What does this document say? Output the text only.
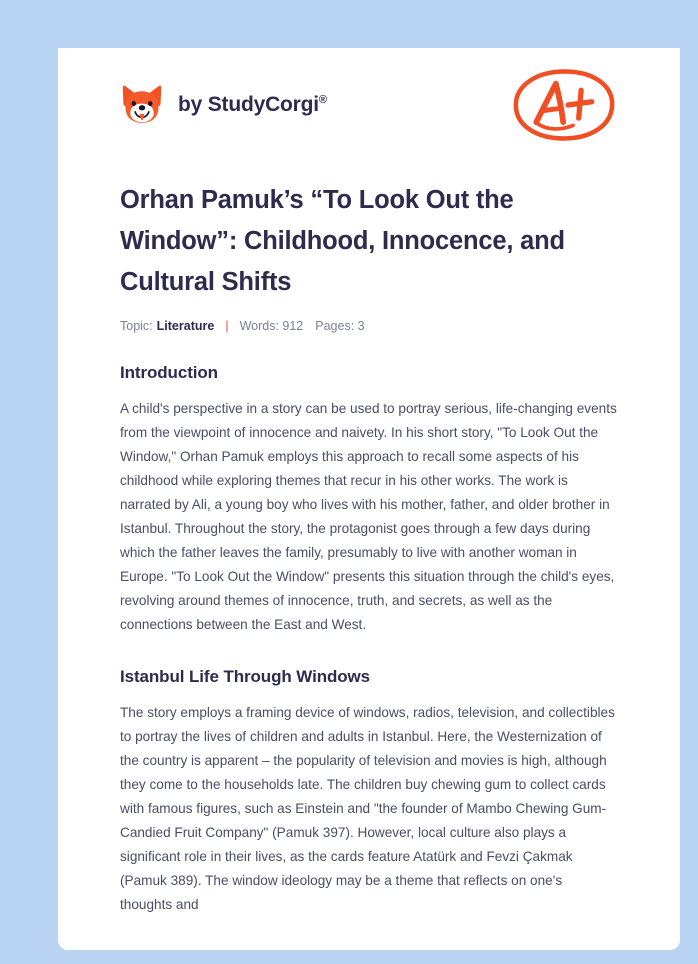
by StudyCorgi®
Orhan Pamuk’s “To Look Out the Window”: Childhood, Innocence, and Cultural Shifts
Topic: Literature | Words: 912 Pages: 3
Introduction

A child's perspective in a story can be used to portray serious, life-changing events from the viewpoint of innocence and naivety. In his short story, "To Look Out the Window," Orhan Pamuk employs this approach to recall some aspects of his childhood while exploring themes that recur in his other works. The work is narrated by Ali, a young boy who lives with his mother, father, and older brother in Istanbul. Throughout the story, the protagonist goes through a few days during which the father leaves the family, presumably to live with another woman in Europe. "To Look Out the Window" presents this situation through the child's eyes, revolving around themes of innocence, truth, and secrets, as well as the connections between the East and West.

Istanbul Life Through Windows

The story employs a framing device of windows, radios, television, and collectibles to portray the lives of children and adults in Istanbul. Here, the Westernization of the country is apparent – the popularity of television and movies is high, although they come to the households late. The children buy chewing gum to collect cards with famous figures, such as Einstein and "the founder of Mambo Chewing Gum-Candied Fruit Company" (Pamuk 397). However, local culture also plays a significant role in their lives, as the cards feature Atatürk and Fevzi Çakmak (Pamuk 389). The window ideology may be a theme that reflects on one's thoughts and
